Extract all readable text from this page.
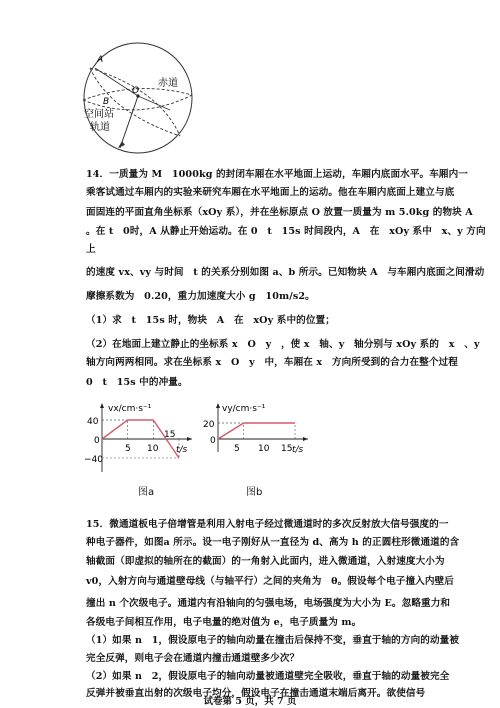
A
B
O
赤道
空间站
轨道
14．一质量为 M　1000kg 的封闭车厢在水平地面上运动，车厢内底面水平。车厢内一
乘客试通过车厢内的实验来研究车厢在水平地面上的运动。他在车厢内底面上建立与底
面固连的平面直角坐标系（xOy 系），并在坐标原点 O 放置一质量为 m 5.0kg 的物块 A
。在 t　0时，A 从静止开始运动。在 0　t　15s 时间段内，A　在　xOy 系中　x、y 方向
上
的速度 vx、vy 与时间　t 的关系分别如图 a、b 所示。已知物块 A　与车厢内底面之间滑动
摩擦系数为　0.20，重力加速度大小 g　10m/s2。
（1）求　t　15s 时，物块　A　在　xOy 系中的位置；
（2）在地面上建立静止的坐标系 x　O　y　，使 x　轴、y　轴分别与 xOy 系的　x　、y
轴方向两两相同。求在坐标系 x　O　y　中，车厢在 x　方向所受到的合力在整个过程
0　t　15s 中的冲量。
vx/cm·s⁻¹
t/s
40
0
−40
5 10
15
图a
vy/cm·s⁻¹
t/s
20
0
5 10 15
图b
15．微通道板电子倍增管是利用入射电子经过微通道时的多次反射放大信号强度的一
种电子器件，如图a 所示。设一电子刚好从一直径为 d、高为 h 的正圆柱形微通道的含
轴截面（即虚拟的轴所在的截面）的一角射入此面内，进入微通道，入射速度大小为
v0，入射方向与通道壁母线（与轴平行）之间的夹角为　θ。假设每个电子撞入内壁后
撞出 n 个次级电子。通道内有沿轴向的匀强电场，电场强度为大小为 E。忽略重力和
各级电子间相互作用，电子电量的绝对值为 e，电子质量为 m。
（1）如果 n　1，假设原电子的轴向动量在撞击后保持不变，垂直于轴的方向的动量被
完全反弹，则电子会在通道内撞击通道壁多少次？
（2）如果 n　2，假设原电子的轴向动量被通道壁完全吸收，垂直于轴的动量被完全
反弹并被垂直出射的次级电子均分，假设电子在撞击通道末端后离开。欲使信号
试卷第 5 页，共 7 页
